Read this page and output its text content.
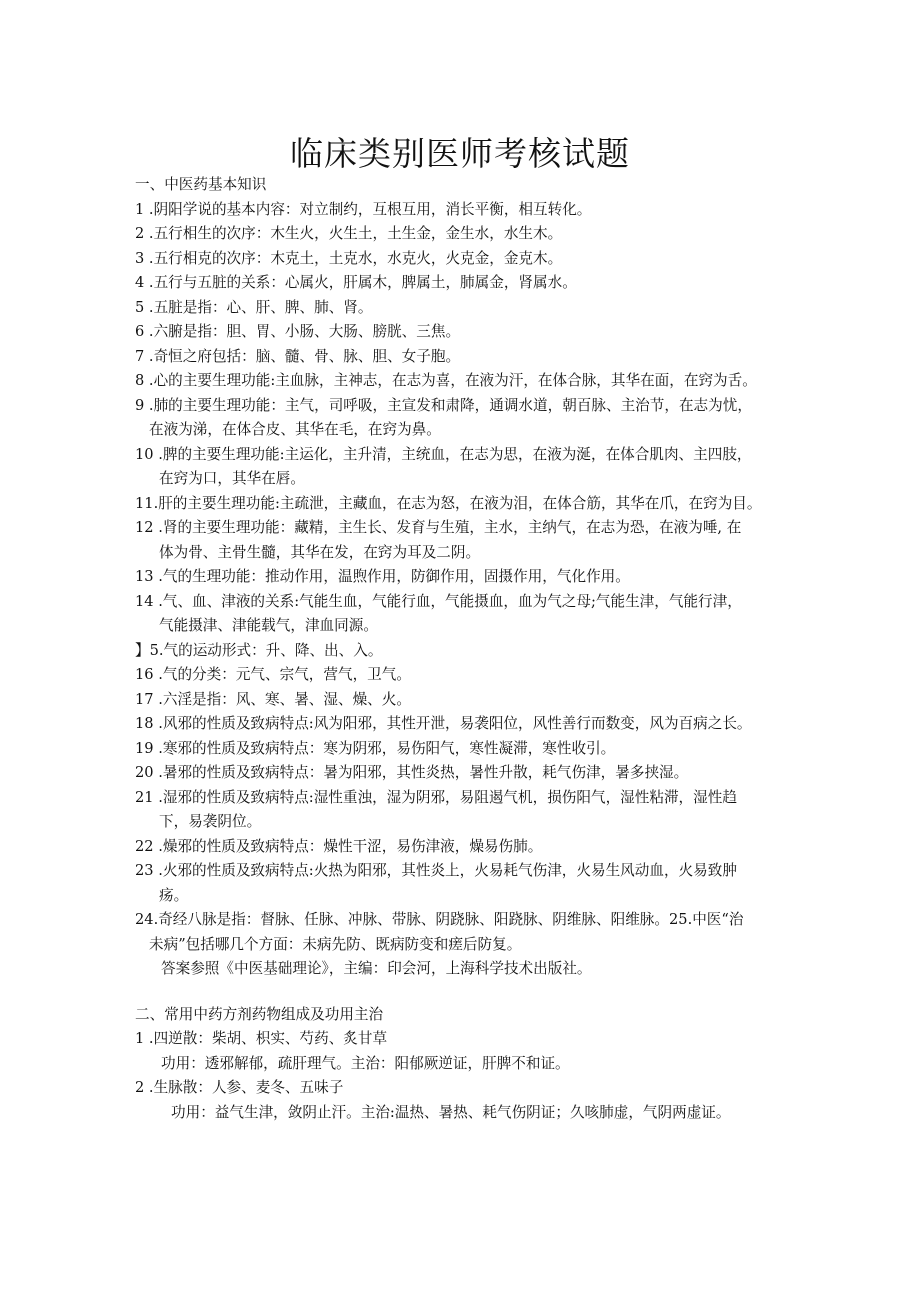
临床类别医师考核试题
一、中医药基本知识
1 .阴阳学说的基本内容：对立制约，互根互用，消长平衡，相互转化。
2 .五行相生的次序：木生火，火生土，土生金，金生水，水生木。
3 .五行相克的次序：木克土，土克水，水克火，火克金，金克木。
4 .五行与五脏的关系：心属火，肝属木，脾属土，肺属金，肾属水。
5 .五脏是指：心、肝、脾、肺、肾。
6 .六腑是指：胆、胃、小肠、大肠、膀胱、三焦。
7 .奇恒之府包括：脑、髓、骨、脉、胆、女子胞。
8 .心的主要生理功能:主血脉，主神志，在志为喜，在液为汗，在体合脉，其华在面，在窍为舌。
9 .肺的主要生理功能：主气，司呼吸，主宣发和肃降，通调水道，朝百脉、主治节，在志为忧，
在液为涕，在体合皮、其华在毛，在窍为鼻。
10 .脾的主要生理功能:主运化，主升清，主统血，在志为思，在液为涎，在体合肌肉、主四肢，
在窍为口，其华在唇。
11.肝的主要生理功能:主疏泄，主藏血，在志为怒，在液为泪，在体合筋，其华在爪，在窍为目。
12 .肾的主要生理功能：藏精，主生长、发育与生殖，主水，主纳气，在志为恐，在液为唾, 在
体为骨、主骨生髓，其华在发，在窍为耳及二阴。
13 .气的生理功能：推动作用，温煦作用，防御作用，固摄作用，气化作用。
14 .气、血、津液的关系:气能生血，气能行血，气能摄血，血为气之母;气能生津，气能行津，
气能摄津、津能载气，津血同源。
】5.气的运动形式：升、降、出、入。
16 .气的分类：元气、宗气，营气，卫气。
17 .六淫是指：风、寒、暑、湿、燥、火。
18 .风邪的性质及致病特点:风为阳邪，其性开泄，易袭阳位，风性善行而数变，风为百病之长。
19 .寒邪的性质及致病特点：寒为阴邪，易伤阳气，寒性凝滞，寒性收引。
20 .暑邪的性质及致病特点：暑为阳邪，其性炎热，暑性升散，耗气伤津，暑多挟湿。
21 .湿邪的性质及致病特点:湿性重浊，湿为阴邪，易阻遏气机，损伤阳气，湿性粘滞，湿性趋
下，易袭阴位。
22 .燥邪的性质及致病特点：燥性干涩，易伤津液，燥易伤肺。
23 .火邪的性质及致病特点:火热为阳邪，其性炎上，火易耗气伤津，火易生风动血，火易致肿
疡。
24.奇经八脉是指：督脉、任脉、冲脉、带脉、阴跷脉、阳跷脉、阴维脉、阳维脉。25.中医“治
未病”包括哪几个方面：未病先防、既病防变和瘥后防复。
答案参照《中医基础理论》，主编：印会河，上海科学技术出版社。
二、常用中药方剂药物组成及功用主治
1 .四逆散：柴胡、枳实、芍药、炙甘草
功用：透邪解郁，疏肝理气。主治：阳郁厥逆证，肝脾不和证。
2 .生脉散：人参、麦冬、五味子
功用：益气生津，敛阴止汗。主治:温热、暑热、耗气伤阴证；久咳肺虚，气阴两虚证。
